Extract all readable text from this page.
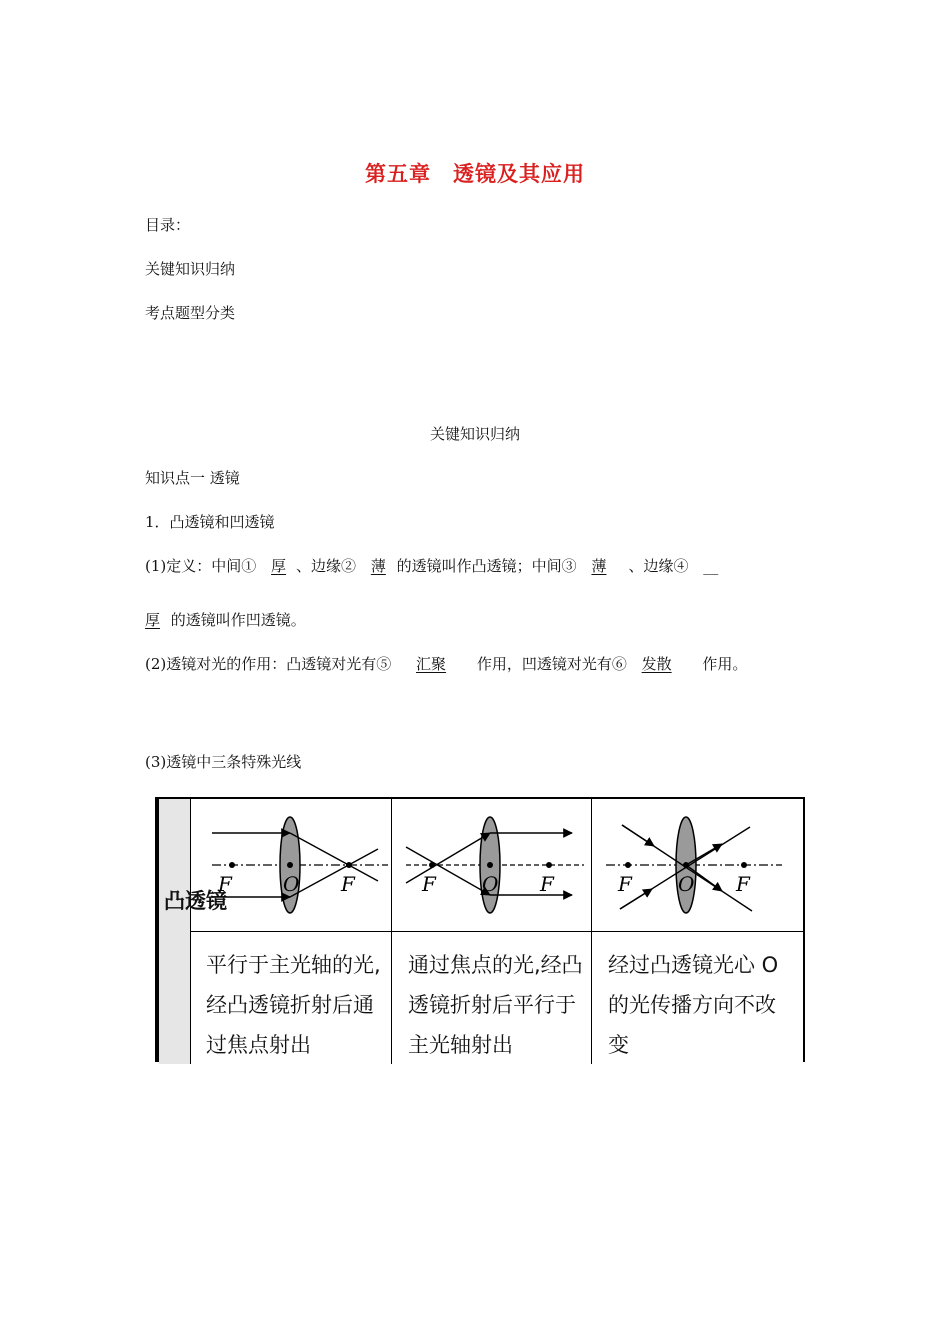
第五章　透镜及其应用
目录：
关键知识归纳
考点题型分类
关键知识归纳
知识点一 透镜
1．凸透镜和凹透镜
(1)定义：中间① 厚 、边缘② 薄 的透镜叫作凸透镜；中间③ 薄 、边缘④ __
厚 的透镜叫作凹透镜。
(2)透镜对光的作用：凸透镜对光有⑤ 汇聚 作用，凹透镜对光有⑥ 发散 作用。
(3)透镜中三条特殊光线
凸透镜
F	O F
平行于主光轴的光,经凸透镜折射后通过焦点射出
F O F
通过焦点的光,经凸透镜折射后平行于主光轴射出
F O F
经过凸透镜光心 O 的光传播方向不改变
